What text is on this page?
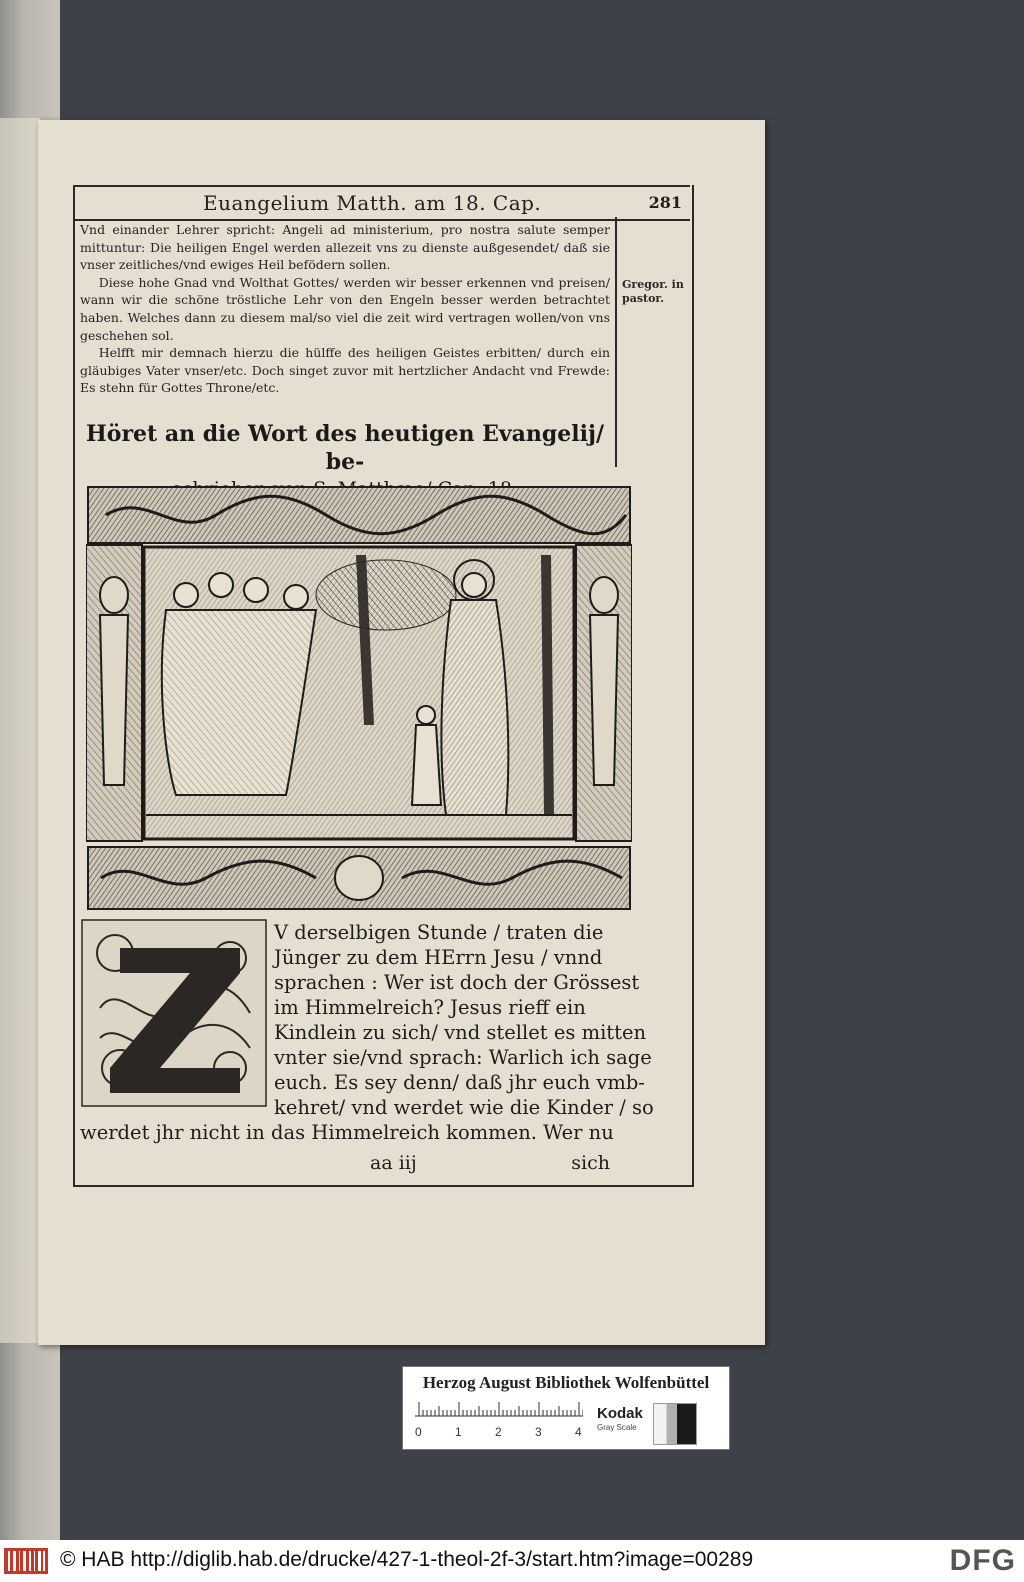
Euangelium Matth. am 18. Cap.	281
Gregor. in
pastor.

Vnd einander Lehrer spricht: Angeli ad ministerium, pro nostra salute semper mittuntur: Die heiligen Engel werden allezeit vns zu dienste außgesendet/ daß sie vnser zeitliches/vnd ewiges Heil befödern sollen.

Diese hohe Gnad vnd Wolthat Gottes/ werden wir besser erkennen vnd preisen/ wann wir die schöne tröstliche Lehr von den Engeln besser werden betrachtet haben. Welches dann zu diesem mal/so viel die zeit wird vertragen wollen/von vns geschehen sol.

Helfft mir demnach hierzu die hülffe des heiligen Geistes erbitten/ durch ein gläubiges Vater vnser/etc. Doch singet zuvor mit hertzlicher Andacht vnd Frewde: Es stehn für Gottes Throne/etc.

Höret an die Wort des heutigen Evangelij/ be-
V derselbigen Stunde / traten die
Jünger zu dem HErrn Jesu / vnnd
sprachen : Wer ist doch der Grössest
im Himmelreich? Jesus rieff ein
Kindlein zu sich/ vnd stellet es mitten
vnter sie/vnd sprach: Warlich ich sage
euch. Es sey denn/ daß jhr euch vmb-
kehret/ vnd werdet wie die Kinder / so
werdet jhr nicht in das Himmelreich kommen. Wer nu
aa iij	sich
Herzog August Bibliothek Wolfenbüttel
0	1	2	3	4
Kodak
Gray Scale
© HAB http://diglib.hab.de/drucke/427-1-theol-2f-3/start.htm?image=00289	DFG
